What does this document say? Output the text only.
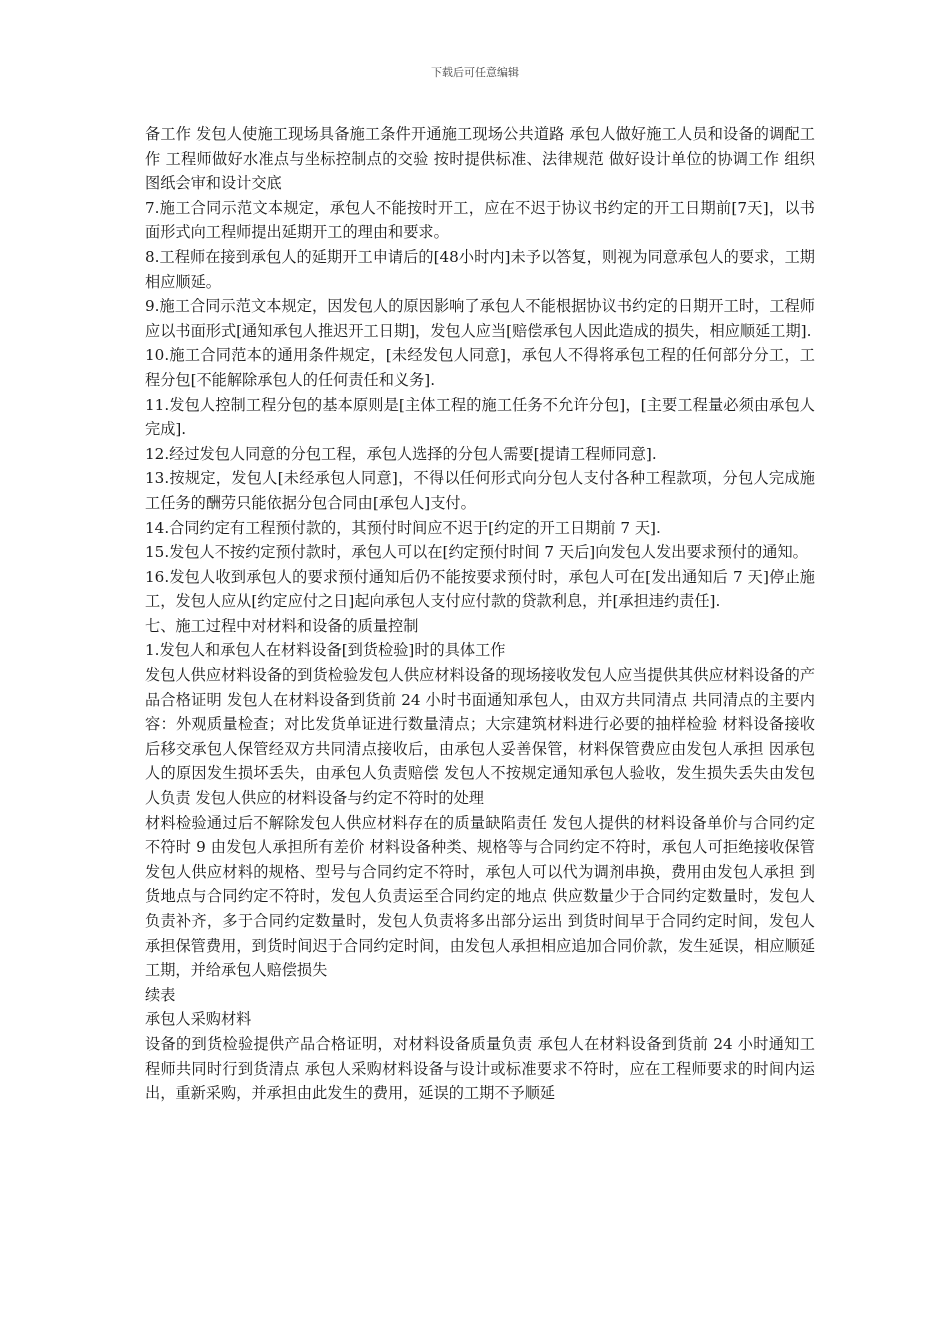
下载后可任意编辑

备工作 发包人使施工现场具备施工条件开通施工现场公共道路 承包人做好施工人员和设备的调配工作 工程师做好水准点与坐标控制点的交验 按时提供标准、法律规范 做好设计单位的协调工作 组织图纸会审和设计交底

7.施工合同示范文本规定，承包人不能按时开工，应在不迟于协议书约定的开工日期前[7天]，以书面形式向工程师提出延期开工的理由和要求。

8.工程师在接到承包人的延期开工申请后的[48小时内]未予以答复，则视为同意承包人的要求，工期相应顺延。

9.施工合同示范文本规定，因发包人的原因影响了承包人不能根据协议书约定的日期开工时，工程师应以书面形式[通知承包人推迟开工日期]，发包人应当[赔偿承包人因此造成的损失，相应顺延工期].

10.施工合同范本的通用条件规定，[未经发包人同意]，承包人不得将承包工程的任何部分分工，工程分包[不能解除承包人的任何责任和义务].

11.发包人控制工程分包的基本原则是[主体工程的施工任务不允许分包]，[主要工程量必须由承包人完成].

12.经过发包人同意的分包工程，承包人选择的分包人需要[提请工程师同意].

13.按规定，发包人[未经承包人同意]，不得以任何形式向分包人支付各种工程款项，分包人完成施工任务的酬劳只能依据分包合同由[承包人]支付。

14.合同约定有工程预付款的，其预付时间应不迟于[约定的开工日期前 7 天].

15.发包人不按约定预付款时，承包人可以在[约定预付时间 7 天后]向发包人发出要求预付的通知。

16.发包人收到承包人的要求预付通知后仍不能按要求预付时，承包人可在[发出通知后 7 天]停止施工，发包人应从[约定应付之日]起向承包人支付应付款的贷款利息，并[承担违约责任].

七、施工过程中对材料和设备的质量控制

1.发包人和承包人在材料设备[到货检验]时的具体工作

发包人供应材料设备的到货检验发包人供应材料设备的现场接收发包人应当提供其供应材料设备的产品合格证明 发包人在材料设备到货前 24 小时书面通知承包人，由双方共同清点 共同清点的主要内容：外观质量检查；对比发货单证进行数量清点；大宗建筑材料进行必要的抽样检验 材料设备接收后移交承包人保管经双方共同清点接收后，由承包人妥善保管，材料保管费应由发包人承担 因承包人的原因发生损坏丢失，由承包人负责赔偿 发包人不按规定通知承包人验收，发生损失丢失由发包人负责 发包人供应的材料设备与约定不符时的处理

材料检验通过后不解除发包人供应材料存在的质量缺陷责任 发包人提供的材料设备单价与合同约定不符时 9 由发包人承担所有差价 材料设备种类、规格等与合同约定不符时，承包人可拒绝接收保管 发包人供应材料的规格、型号与合同约定不符时，承包人可以代为调剂串换，费用由发包人承担 到货地点与合同约定不符时，发包人负责运至合同约定的地点 供应数量少于合同约定数量时，发包人负责补齐，多于合同约定数量时，发包人负责将多出部分运出 到货时间早于合同约定时间，发包人承担保管费用，到货时间迟于合同约定时间，由发包人承担相应追加合同价款，发生延误，相应顺延工期，并给承包人赔偿损失

续表

承包人采购材料

设备的到货检验提供产品合格证明，对材料设备质量负责 承包人在材料设备到货前 24 小时通知工程师共同时行到货清点 承包人采购材料设备与设计或标准要求不符时，应在工程师要求的时间内运出，重新采购，并承担由此发生的费用，延误的工期不予顺延
